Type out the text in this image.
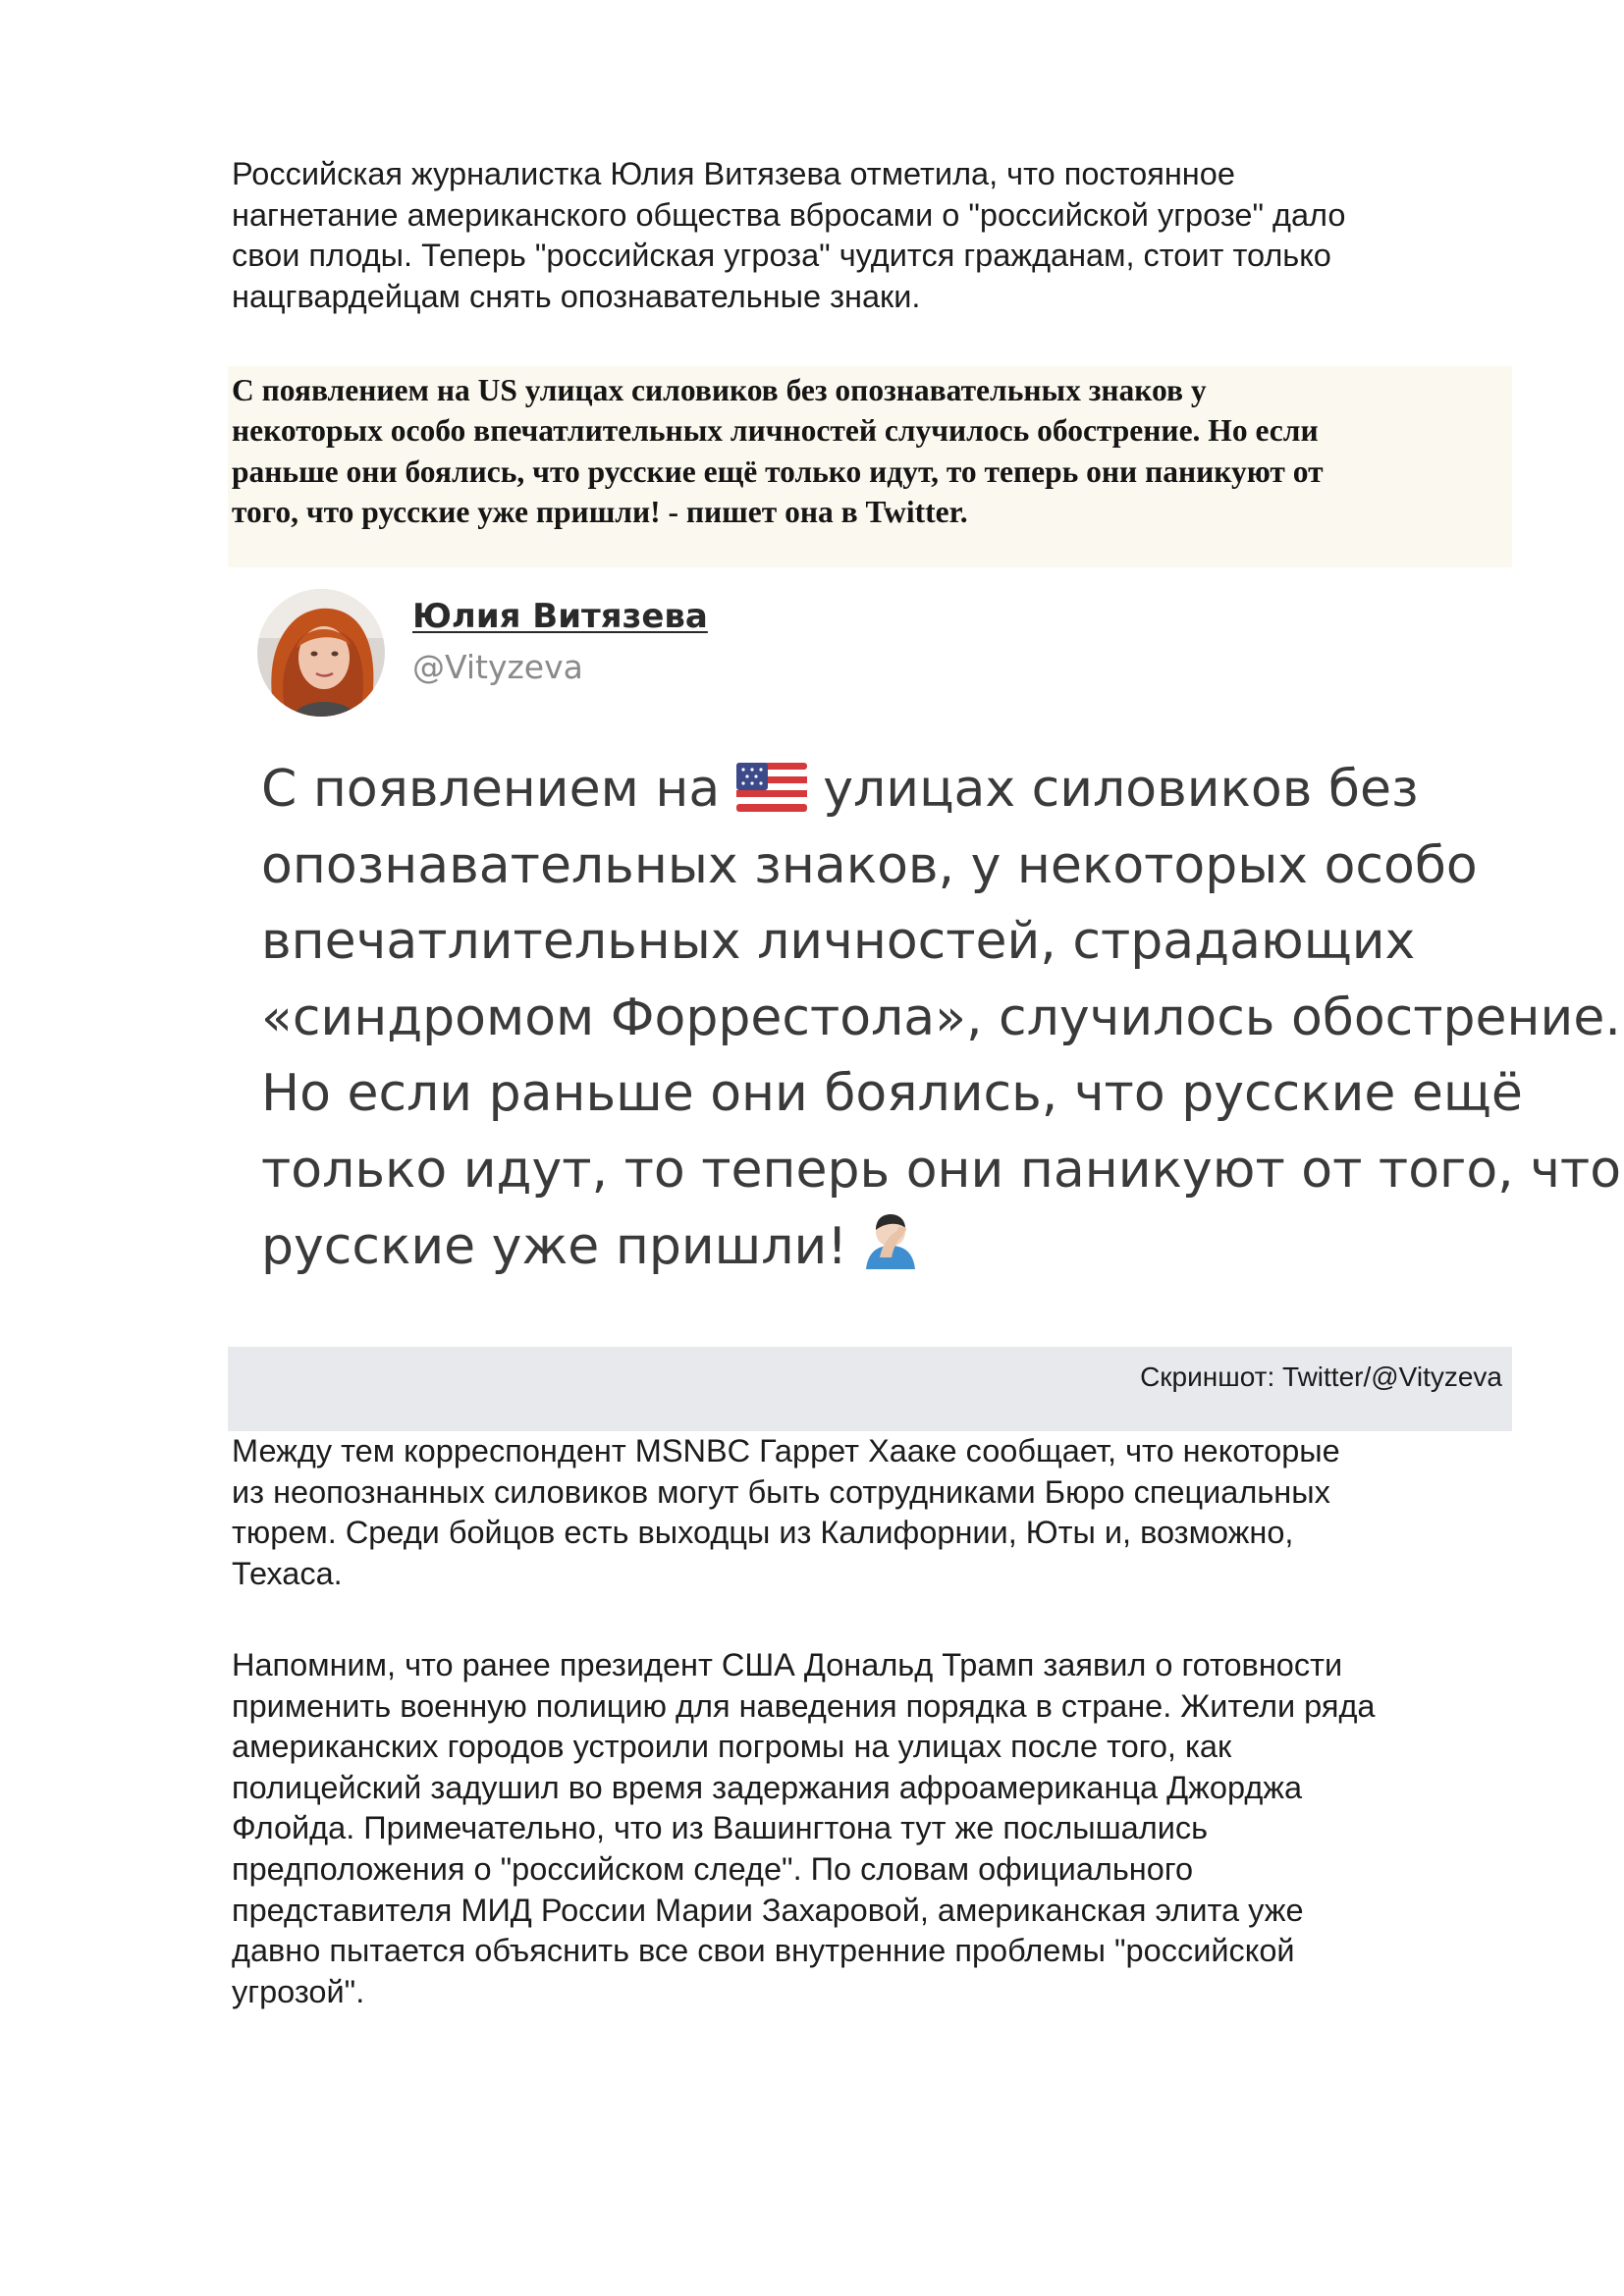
Российская журналистка Юлия Витязева отметила, что постоянное
нагнетание американского общества вбросами о "российской угрозе" дало
свои плоды. Теперь "российская угроза" чудится гражданам, стоит только
нацгвардейцам снять опознавательные знаки.

С появлением на US улицах силовиков без опознавательных знаков у
некоторых особо впечатлительных личностей случилось обострение. Но если
раньше они боялись, что русские ещё только идут, то теперь они паникуют от
того, что русские уже пришли! - пишет она в Twitter.

Юлия Витязева
@Vityzeva
С появлением на  улицах силовиков без
опознавательных знаков, у некоторых особо
впечатлительных личностей, страдающих
«синдромом Форрестола», случилось обострение.
Но если раньше они боялись, что русские ещё
только идут, то теперь они паникуют от того, что
русские уже пришли!
Скриншот: Twitter/@Vityzeva

Между тем корреспондент MSNBC Гаррет Хааке сообщает, что некоторые
из неопознанных силовиков могут быть сотрудниками Бюро специальных
тюрем. Среди бойцов есть выходцы из Калифорнии, Юты и, возможно,
Техаса.

Напомним, что ранее президент США Дональд Трамп заявил о готовности
применить военную полицию для наведения порядка в стране. Жители ряда
американских городов устроили погромы на улицах после того, как
полицейский задушил во время задержания афроамериканца Джорджа
Флойда. Примечательно, что из Вашингтона тут же послышались
предположения о "российском следе". По словам официального
представителя МИД России Марии Захаровой, американская элита уже
давно пытается объяснить все свои внутренние проблемы "российской
угрозой".
